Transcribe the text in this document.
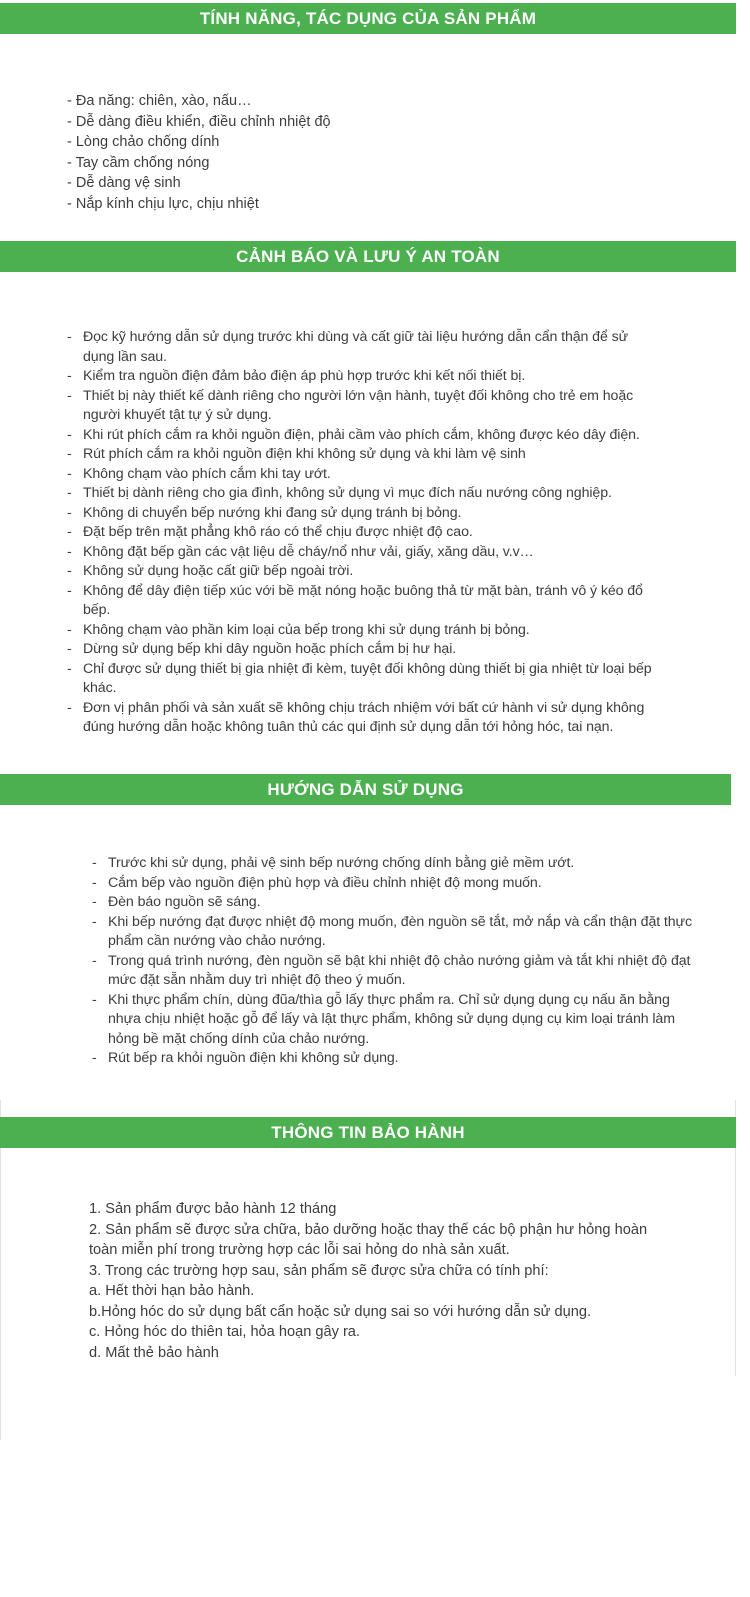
TÍNH NĂNG, TÁC DỤNG CỦA SẢN PHẨM
- Đa năng: chiên, xào, nấu…
- Dễ dàng điều khiển, điều chỉnh nhiệt độ
- Lòng chảo chống dính
- Tay cầm chống nóng
- Dễ dàng vệ sinh
- Nắp kính chịu lực, chịu nhiệt
CẢNH BÁO VÀ LƯU Ý AN TOÀN
- Đọc kỹ hướng dẫn sử dụng trước khi dùng và cất giữ tài liệu hướng dẫn cẩn thận để sử dụng lần sau.
- Kiểm tra nguồn điện đảm bảo điện áp phù hợp trước khi kết nối thiết bị.
- Thiết bị này thiết kế dành riêng cho người lớn vận hành, tuyệt đối không cho trẻ em hoặc người khuyết tật tự ý sử dụng.
- Khi rút phích cắm ra khỏi nguồn điện, phải cầm vào phích cắm, không được kéo dây điện.
- Rút phích cắm ra khỏi nguồn điện khi không sử dụng và khi làm vệ sinh
- Không chạm vào phích cắm khi tay ướt.
- Thiết bị dành riêng cho gia đình, không sử dụng vì mục đích nấu nướng công nghiệp.
- Không di chuyển bếp nướng khi đang sử dụng tránh bị bỏng.
- Đặt bếp trên mặt phẳng khô ráo có thể chịu được nhiệt độ cao.
- Không đặt bếp gần các vật liệu dễ cháy/nổ như vải, giấy, xăng dầu, v.v…
- Không sử dụng hoặc cất giữ bếp ngoài trời.
- Không để dây điện tiếp xúc với bề mặt nóng hoặc buông thả từ mặt bàn, tránh vô ý kéo đổ bếp.
- Không chạm vào phần kim loại của bếp trong khi sử dụng tránh bị bỏng.
- Dừng sử dụng bếp khi dây nguồn hoặc phích cắm bị hư hại.
- Chỉ được sử dụng thiết bị gia nhiệt đi kèm, tuyệt đối không dùng thiết bị gia nhiệt từ loại bếp khác.
- Đơn vị phân phối và sản xuất sẽ không chịu trách nhiệm với bất cứ hành vi sử dụng không đúng hướng dẫn hoặc không tuân thủ các qui định sử dụng dẫn tới hỏng hóc, tai nạn.
HƯỚNG DẪN SỬ DỤNG
- Trước khi sử dụng, phải vệ sinh bếp nướng chống dính bằng giẻ mềm ướt.
- Cắm bếp vào nguồn điện phù hợp và điều chỉnh nhiệt độ mong muốn.
- Đèn báo nguồn sẽ sáng.
- Khi bếp nướng đạt được nhiệt độ mong muốn, đèn nguồn sẽ tắt, mở nắp và cẩn thận đặt thực phẩm cần nướng vào chảo nướng.
- Trong quá trình nướng, đèn nguồn sẽ bật khi nhiệt độ chảo nướng giảm và tắt khi nhiệt độ đạt mức đặt sẵn nhằm duy trì nhiệt độ theo ý muốn.
- Khi thực phẩm chín, dùng đũa/thìa gỗ lấy thực phẩm ra. Chỉ sử dụng dụng cụ nấu ăn bằng nhựa chịu nhiệt hoặc gỗ để lấy và lật thực phẩm, không sử dụng dụng cụ kim loại tránh làm hỏng bề mặt chống dính của chảo nướng.
- Rút bếp ra khỏi nguồn điện khi không sử dụng.
THÔNG TIN BẢO HÀNH
1. Sản phẩm được bảo hành 12 tháng
2. Sản phẩm sẽ được sửa chữa, bảo dưỡng hoặc thay thế các bộ phận hư hỏng hoàn toàn miễn phí trong trường hợp các lỗi sai hỏng do nhà sản xuất.
3. Trong các trường hợp sau, sản phẩm sẽ được sửa chữa có tính phí:
a. Hết thời hạn bảo hành.
b.Hỏng hóc do sử dụng bất cẩn hoặc sử dụng sai so với hướng dẫn sử dụng.
c. Hỏng hóc do thiên tai, hỏa hoạn gây ra.
d. Mất thẻ bảo hành
